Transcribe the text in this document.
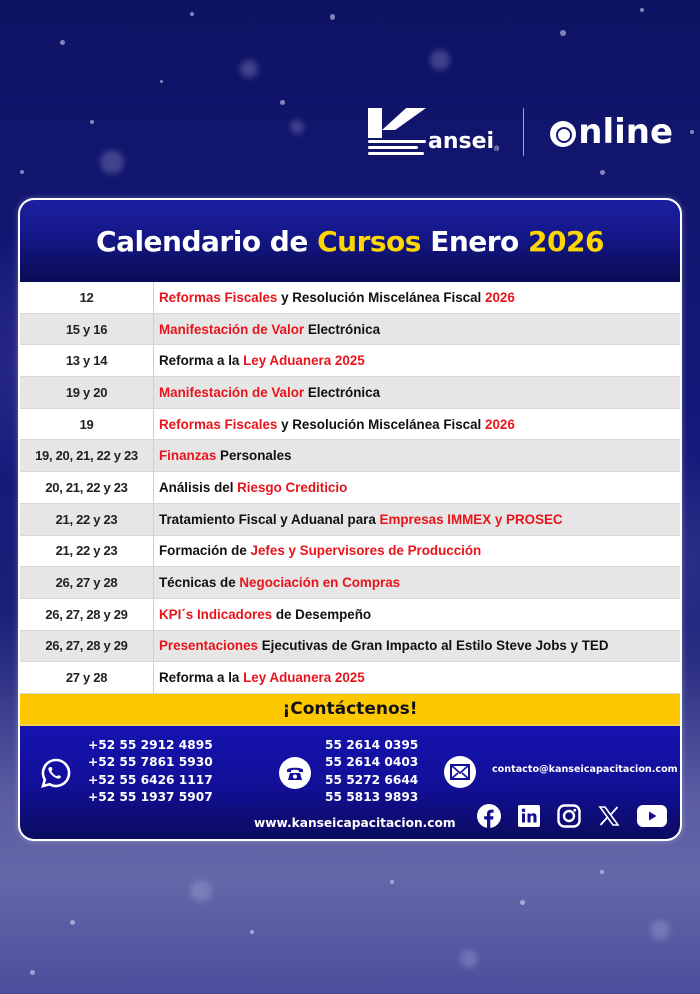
ansei ® nline
Calendario de Cursos Enero 2026
12	Reformas Fiscales y Resolución Miscelánea Fiscal 2026
15 y 16	Manifestación de Valor Electrónica
13 y 14	Reforma a la Ley Aduanera 2025
19 y 20	Manifestación de Valor Electrónica
19	Reformas Fiscales y Resolución Miscelánea Fiscal 2026
19, 20, 21, 22 y 23	Finanzas Personales
20, 21, 22 y 23	Análisis del Riesgo Crediticio
21, 22 y 23	Tratamiento Fiscal y Aduanal para Empresas IMMEX y PROSEC
21, 22 y 23	Formación de Jefes y Supervisores de Producción
26, 27 y 28	Técnicas de Negociación en Compras
26, 27, 28 y 29	KPI´s Indicadores de Desempeño
26, 27, 28 y 29	Presentaciones Ejecutivas de Gran Impacto al Estilo Steve Jobs y TED
27 y 28	Reforma a la Ley Aduanera 2025
¡Contáctenos!
+52 55 2912 4895
+52 55 7861 5930
+52 55 6426 1117
+52 55 1937 5907
55 2614 0395
55 2614 0403
55 5272 6644
55 5813 9893
contacto@kanseicapacitacion.com
www.kanseicapacitacion.com
